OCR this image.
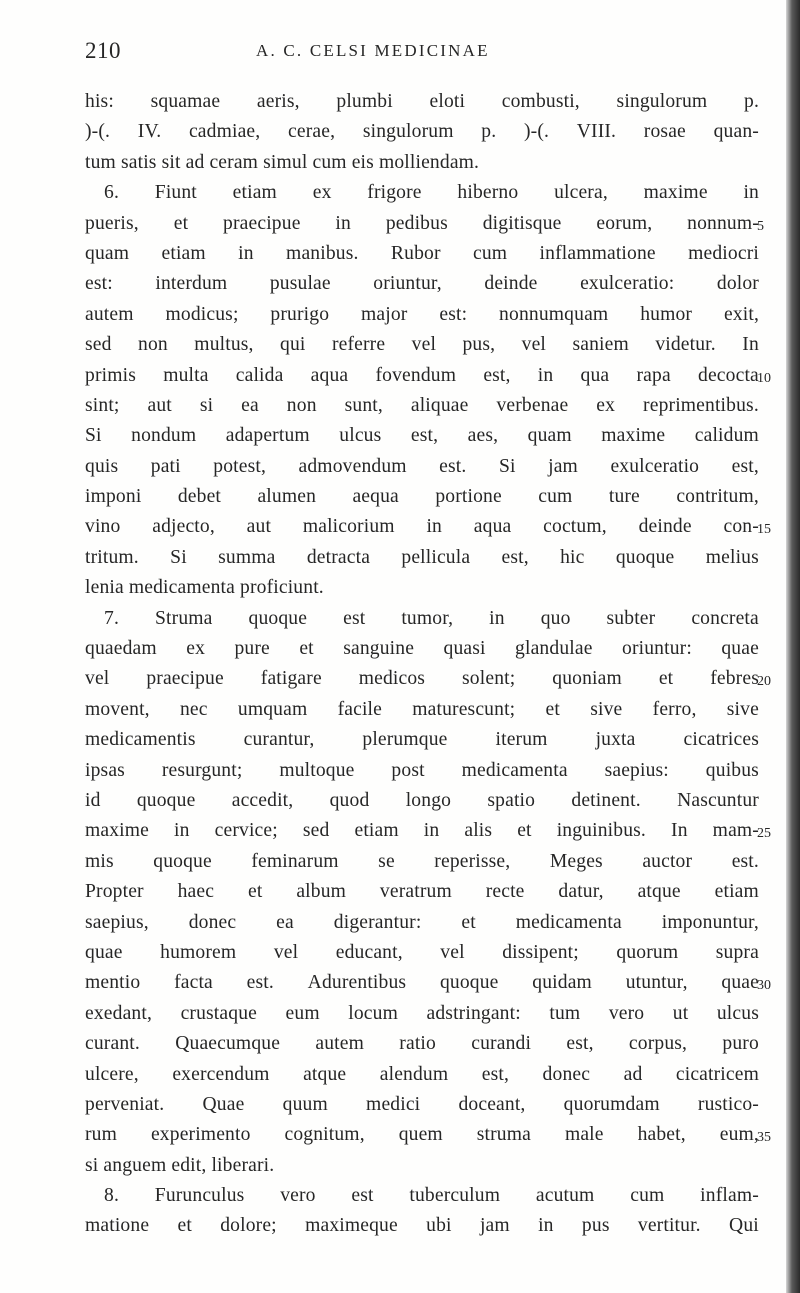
210	A. C. CELSI MEDICINAE
his: squamae aeris, plumbi eloti combusti, singulorum p.
)-(. IV. cadmiae, cerae, singulorum p. )-(. VIII. rosae quan-
tum satis sit ad ceram simul cum eis molliendam.
6. Fiunt etiam ex frigore hiberno ulcera, maxime in
pueris, et praecipue in pedibus digitisque eorum, nonnum-
5
quam etiam in manibus. Rubor cum inflammatione mediocri
est: interdum pusulae oriuntur, deinde exulceratio: dolor
autem modicus; prurigo major est: nonnumquam humor exit,
sed non multus, qui referre vel pus, vel saniem videtur. In
primis multa calida aqua fovendum est, in qua rapa decocta
10
sint; aut si ea non sunt, aliquae verbenae ex reprimentibus.
Si nondum adapertum ulcus est, aes, quam maxime calidum
quis pati potest, admovendum est. Si jam exulceratio est,
imponi debet alumen aequa portione cum ture contritum,
vino adjecto, aut malicorium in aqua coctum, deinde con-
15
tritum. Si summa detracta pellicula est, hic quoque melius
lenia medicamenta proficiunt.
7. Struma quoque est tumor, in quo subter concreta
quaedam ex pure et sanguine quasi glandulae oriuntur: quae
vel praecipue fatigare medicos solent; quoniam et febres
20
movent, nec umquam facile maturescunt; et sive ferro, sive
medicamentis curantur, plerumque iterum juxta cicatrices
ipsas resurgunt; multoque post medicamenta saepius: quibus
id quoque accedit, quod longo spatio detinent. Nascuntur
maxime in cervice; sed etiam in alis et inguinibus. In mam-
25
mis quoque feminarum se reperisse, Meges auctor est.
Propter haec et album veratrum recte datur, atque etiam
saepius, donec ea digerantur: et medicamenta imponuntur,
quae humorem vel educant, vel dissipent; quorum supra
mentio facta est. Adurentibus quoque quidam utuntur, quae
30
exedant, crustaque eum locum adstringant: tum vero ut ulcus
curant. Quaecumque autem ratio curandi est, corpus, puro
ulcere, exercendum atque alendum est, donec ad cicatricem
perveniat. Quae quum medici doceant, quorumdam rustico-
rum experimento cognitum, quem struma male habet, eum,
35
si anguem edit, liberari.
8. Furunculus vero est tuberculum acutum cum inflam-
matione et dolore; maximeque ubi jam in pus vertitur. Qui
